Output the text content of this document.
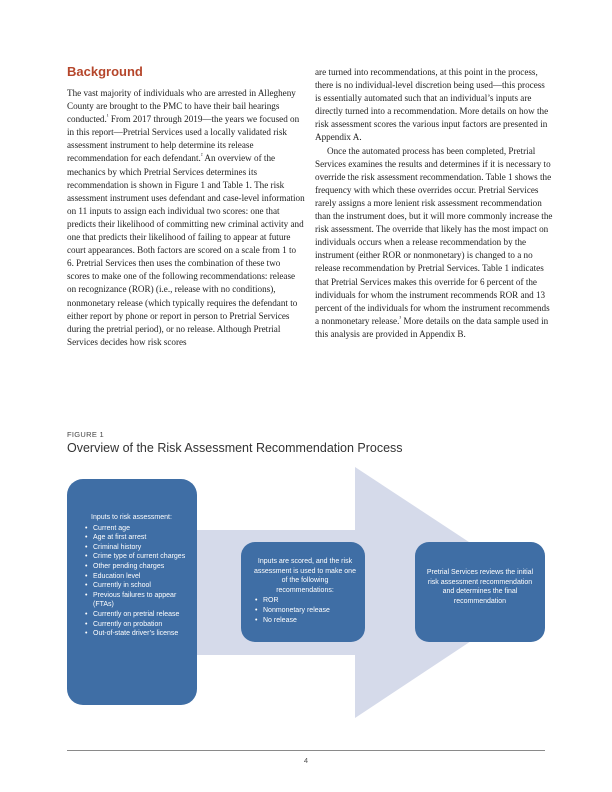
Background

The vast majority of individuals who are arrested in Allegheny County are brought to the PMC to have their bail hearings conducted.$^{^1}$ From 2017 through 2019—the years we focused on in this report—Pretrial Services used a locally validated risk assessment instrument to help determine its release recommendation for each defendant.$^{^2}$ An overview of the mechanics by which Pretrial Services determines its recommendation is shown in Figure 1 and Table 1. The risk assessment instrument uses defendant and case-level information on 11 inputs to assign each individual two scores: one that predicts their likelihood of committing new criminal activity and one that predicts their likelihood of failing to appear at future court appearances. Both factors are scored on a scale from 1 to 6. Pretrial Services then uses the combination of these two scores to make one of the following recommendations: release on recognizance (ROR) (i.e., release with no conditions), nonmonetary release (which typically requires the defendant to either report by phone or report in person to Pretrial Services during the pretrial period), or no release. Although Pretrial Services decides how risk scores

are turned into recommendations, at this point in the process, there is no individual-level discretion being used—this process is essentially automated such that an individual’s inputs are directly turned into a recommendation. More details on how the risk assessment scores the various input factors are presented in Appendix A.

Once the automated process has been completed, Pretrial Services examines the results and determines if it is necessary to override the risk assessment recommendation. Table 1 shows the frequency with which these overrides occur. Pretrial Services rarely assigns a more lenient risk assessment recommendation than the instrument does, but it will more commonly increase the risk assessment. The override that likely has the most impact on individuals occurs when a release recommendation by the instrument (either ROR or nonmonetary) is changed to a no release recommendation by Pretrial Services. Table 1 indicates that Pretrial Services makes this override for 6 percent of the individuals for whom the instrument recommends ROR and 13 percent of the individuals for whom the instrument recommends a nonmonetary release.$^{^3}$ More details on the data sample used in this analysis are provided in Appendix B.

FIGURE 1
Overview of the Risk Assessment Recommendation Process
Inputs to risk assessment:
• Current age
• Age at first arrest
• Criminal history
• Crime type of current charges
• Other pending charges
• Education level
• Currently in school
• Previous failures to appear (FTAs)
• Currently on pretrial release
• Currently on probation
• Out-of-state driver’s license
Inputs are scored, and the risk assessment is used to make one of the following recommendations:
• ROR
• Nonmonetary release
• No release
Pretrial Services reviews the initial risk assessment recommendation and determines the final recommendation
4
